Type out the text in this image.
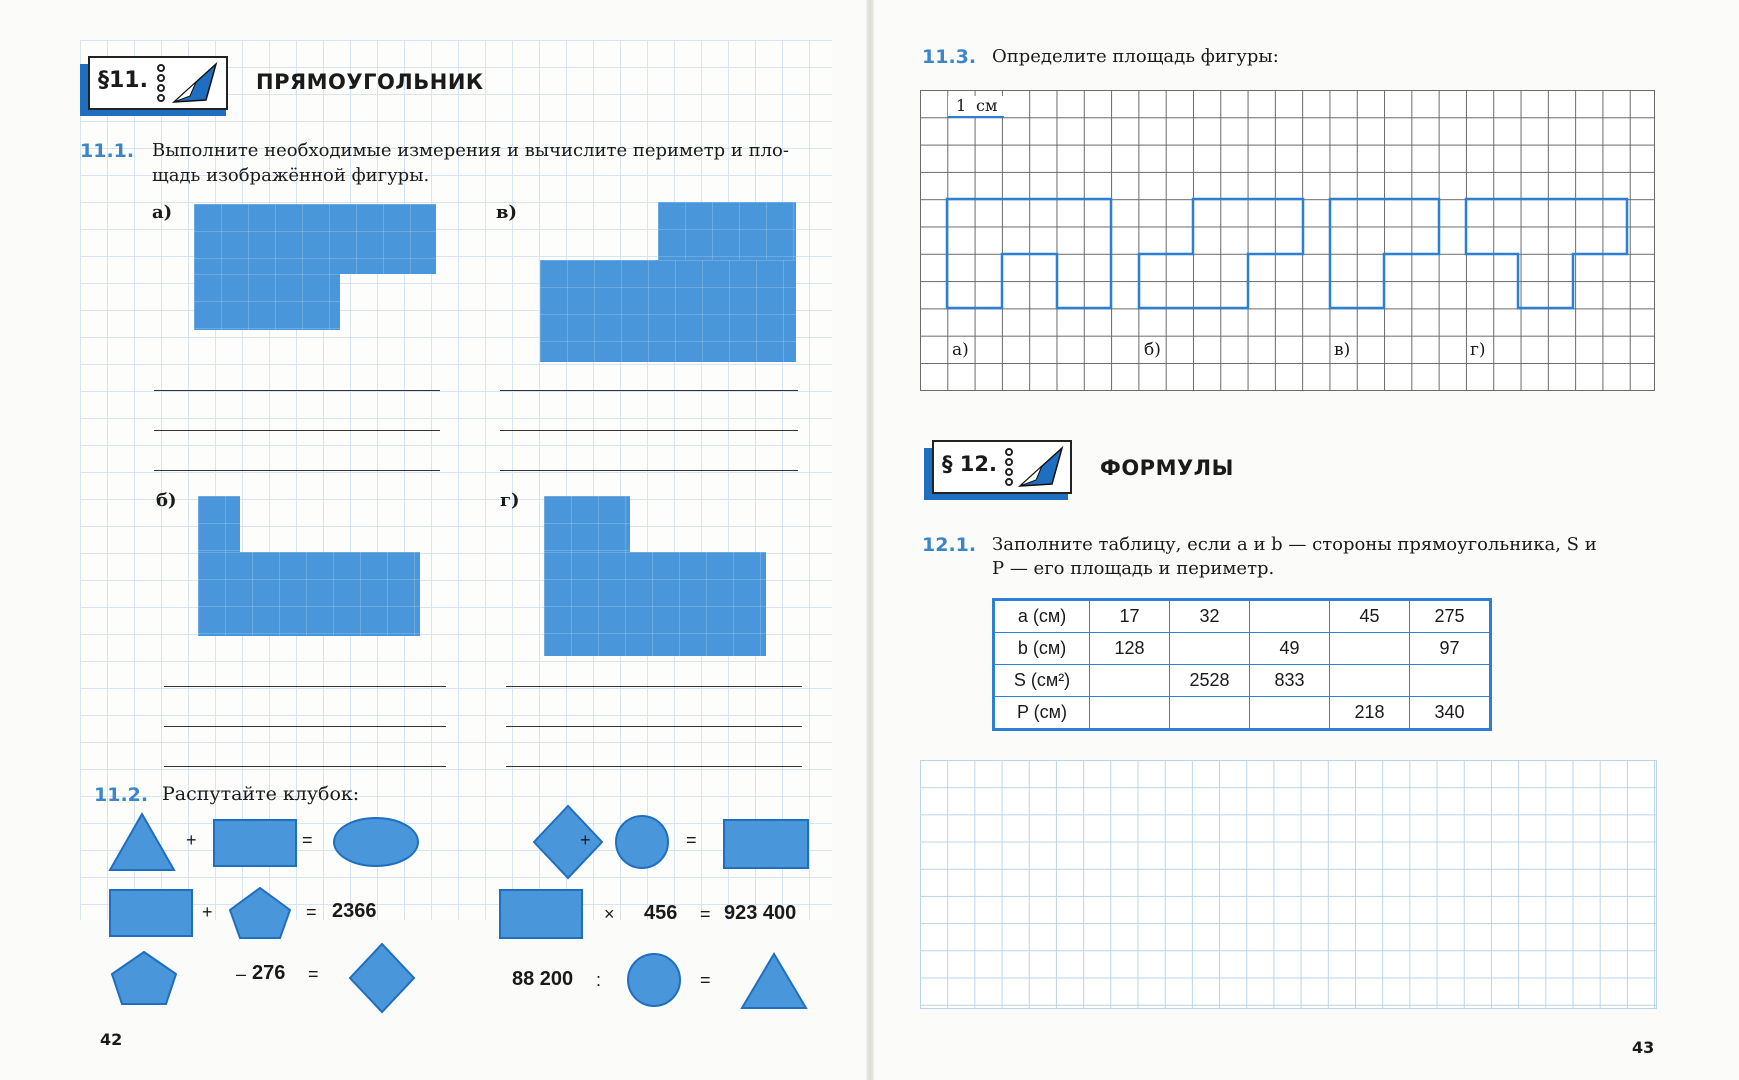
§11.	ПРЯМОУГОЛЬНИК
11.1. Выполните необходимые измерения и вычислите периметр и пло-
щадь изображённой фигуры.
а)	в)
б)	г)
11.2. Распутайте клубок:
+	=	+	=
+	= 2366	× 456 = 923 400
– 276 =	88 200 :	=
42
11.3. Определите площадь фигуры:
1 см
а)	б)	в)	г)
§ 12.	ФОРМУЛЫ
12.1. Заполните таблицу, если a и b — стороны прямоугольника, S и
P — его площадь и периметр.
a (см)	17	32		45	275
b (см)	128		49		97
S (см²)		2528	833		
P (см)				218	340
43
